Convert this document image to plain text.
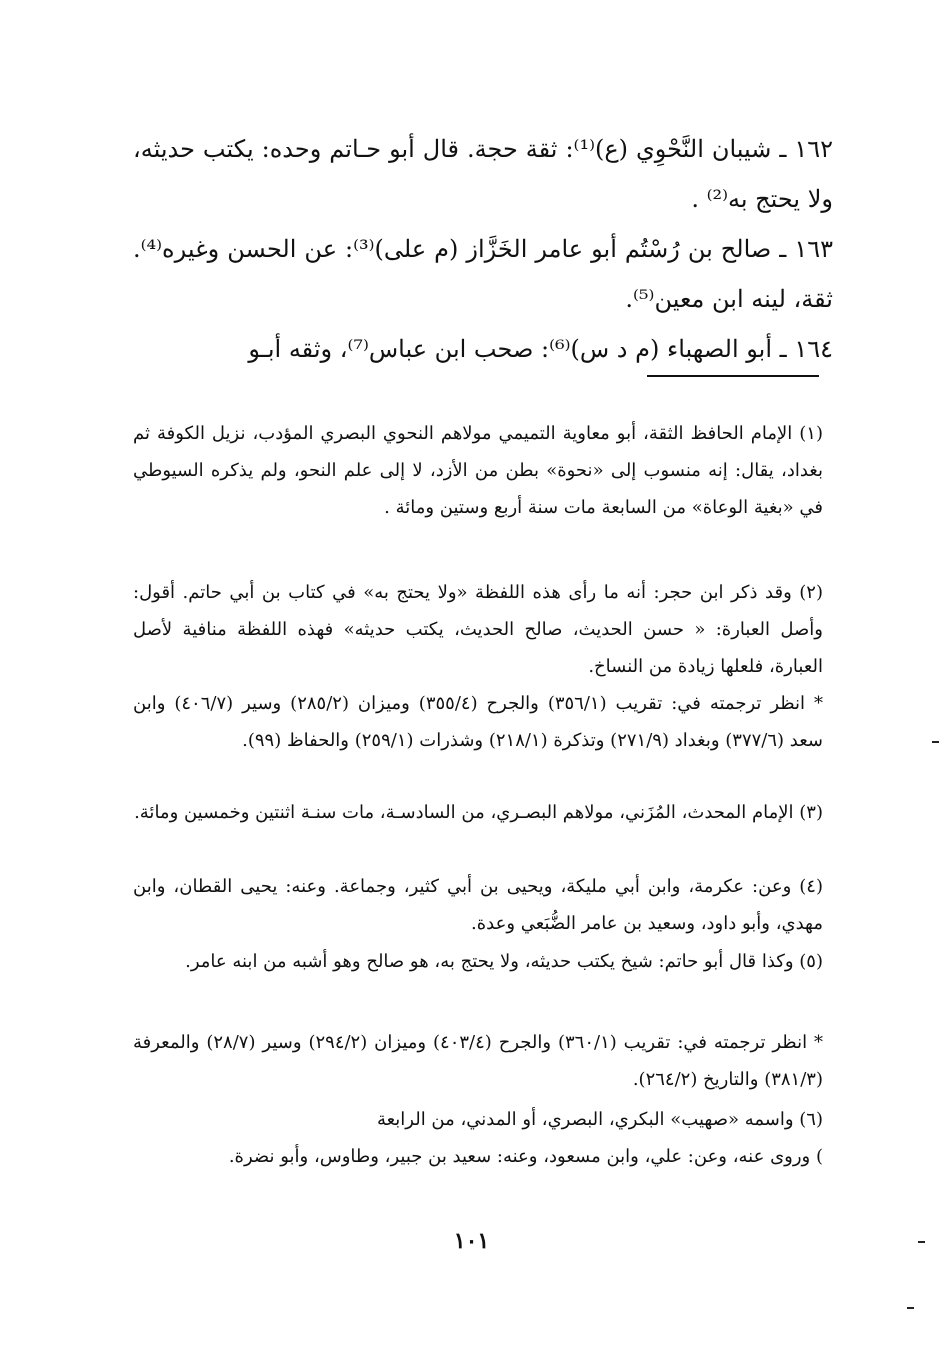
١٦٢ ـ شيبان النَّحْوِي (ع)⁽¹⁾: ثقة حجة. قال أبو حـاتم وحده: يكتب حديثه، ولا يحتج به⁽²⁾ .

١٦٣ ـ صالح بن رُسْتُم أبو عامر الخَزَّاز (م على)⁽³⁾: عن الحسن وغيره⁽⁴⁾. ثقة، لينه ابن معين⁽⁵⁾.

١٦٤ ـ أبو الصهباء (م د س)⁽⁶⁾: صحب ابن عباس⁽⁷⁾، وثقه أبـو

(١) الإمام الحافظ الثقة، أبو معاوية التميمي مولاهم النحوي البصري المؤدب، نزيل الكوفة ثم بغداد، يقال: إنه منسوب إلى «نحوة» بطن من الأزد، لا إلى علم النحو، ولم يذكره السيوطي في «بغية الوعاة» من السابعة مات سنة أربع وستين ومائة .

(٢) وقد ذكر ابن حجر: أنه ما رأى هذه اللفظة «ولا يحتج به» في كتاب بن أبي حاتم. أقول: وأصل العبارة: « حسن الحديث، صالح الحديث، يكتب حديثه» فهذه اللفظة منافية لأصل العبارة، فلعلها زيادة من النساخ.

* انظر ترجمته في: تقريب (٣٥٦/١) والجرح (٣٥٥/٤) وميزان (٢٨٥/٢) وسير (٤٠٦/٧) وابن سعد (٣٧٧/٦) وبغداد (٢٧١/٩) وتذكرة (٢١٨/١) وشذرات (٢٥٩/١) والحفاظ (٩٩).

(٣) الإمام المحدث، المُزَني، مولاهم البصـري، من السادسـة، مات سنـة اثنتين وخمسين ومائة.

(٤) وعن: عكرمة، وابن أبي مليكة، ويحيى بن أبي كثير، وجماعة. وعنه: يحيى القطان، وابن مهدي، وأبو داود، وسعيد بن عامر الضُّبَعي وعدة.

(٥) وكذا قال أبو حاتم: شيخ يكتب حديثه، ولا يحتج به، هو صالح وهو أشبه من ابنه عامر.

* انظر ترجمته في: تقريب (٣٦٠/١) والجرح (٤٠٣/٤) وميزان (٢٩٤/٢) وسير (٢٨/٧) والمعرفة (٣٨١/٣) والتاريخ (٢٦٤/٢).

(٦) واسمه «صهيب» البكري، البصري، أو المدني، من الرابعة

) وروى عنه، وعن: علي، وابن مسعود، وعنه: سعيد بن جبير، وطاوس، وأبو نضرة.

١٠١
